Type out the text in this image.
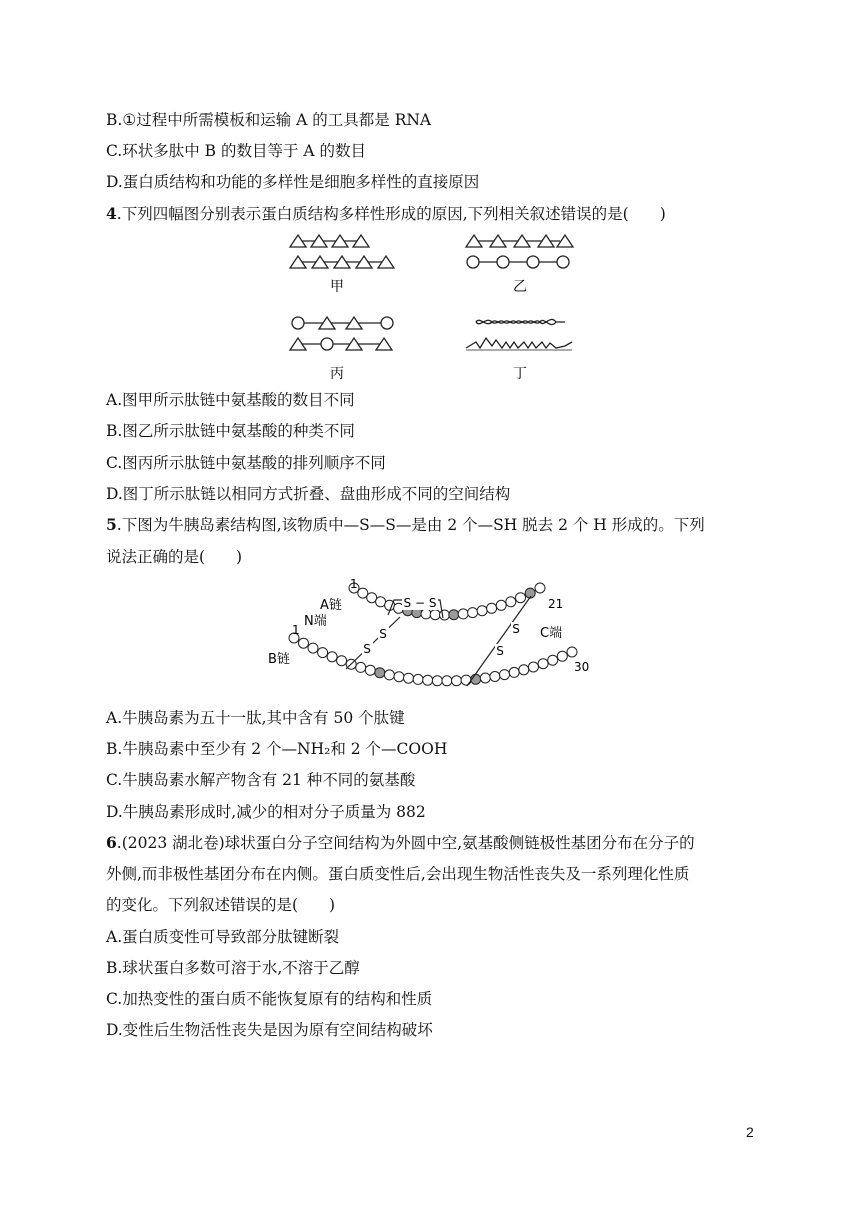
B.①过程中所需模板和运输 A 的工具都是 RNA
C.环状多肽中 B 的数目等于 A 的数目
D.蛋白质结构和功能的多样性是细胞多样性的直接原因
4.下列四幅图分别表示蛋白质结构多样性形成的原因,下列相关叙述错误的是(　　)
甲	乙
丙	丁
A.图甲所示肽链中氨基酸的数目不同
B.图乙所示肽链中氨基酸的种类不同
C.图丙所示肽链中氨基酸的排列顺序不同
D.图丁所示肽链以相同方式折叠、盘曲形成不同的空间结构
5.下图为牛胰岛素结构图,该物质中—S—S—是由 2 个—SH 脱去 2 个 H 形成的。下列
说法正确的是(　　)
S − S
S
S
S
S
A链
N端
B链
C端
1
1
21
30
A.牛胰岛素为五十一肽,其中含有 50 个肽键
B.牛胰岛素中至少有 2 个—NH₂和 2 个—COOH
C.牛胰岛素水解产物含有 21 种不同的氨基酸
D.牛胰岛素形成时,减少的相对分子质量为 882
6.(2023 湖北卷)球状蛋白分子空间结构为外圆中空,氨基酸侧链极性基团分布在分子的
外侧,而非极性基团分布在内侧。蛋白质变性后,会出现生物活性丧失及一系列理化性质
的变化。下列叙述错误的是(　　)
A.蛋白质变性可导致部分肽键断裂
B.球状蛋白多数可溶于水,不溶于乙醇
C.加热变性的蛋白质不能恢复原有的结构和性质
D.变性后生物活性丧失是因为原有空间结构破坏
2
